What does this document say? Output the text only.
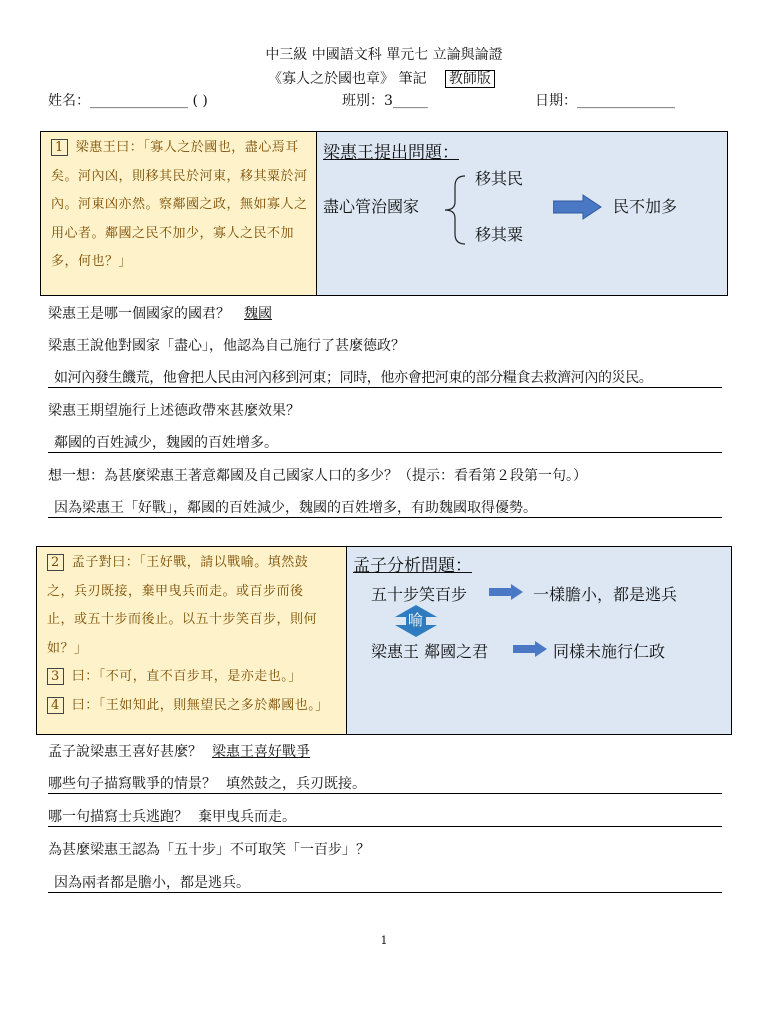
中三級 中國語文科 單元七 立論與論證
《寡人之於國也章》 筆記 教師版
姓名：______________ ( )	班別：3_____	日期：______________
1 梁惠王曰：「寡人之於國也，盡心焉耳矣。河內凶，則移其民於河東，移其粟於河內。河東凶亦然。察鄰國之政，無如寡人之用心者。鄰國之民不加少，寡人之民不加多，何也？」
梁惠王提出問題：
盡心管治國家
移其民
移其粟
民不加多
梁惠王是哪一個國家的國君？ 魏國
梁惠王說他對國家「盡心」，他認為自己施行了甚麼德政？
如河內發生饑荒，他會把人民由河內移到河東；同時，他亦會把河東的部分糧食去救濟河內的災民。
梁惠王期望施行上述德政帶來甚麼效果？
鄰國的百姓減少，魏國的百姓增多。
想一想：為甚麼梁惠王著意鄰國及自己國家人口的多少？（提示：看看第２段第一句。）
因為梁惠王「好戰」，鄰國的百姓減少，魏國的百姓增多，有助魏國取得優勢。
2 孟子對曰：「王好戰，請以戰喻。填然鼓
之，兵刃既接，棄甲曳兵而走。或百步而後
止，或五十步而後止。以五十步笑百步，則何
如？」
3 曰：「不可，直不百步耳，是亦走也。」
4 曰：「王如知此，則無望民之多於鄰國也。」
孟子分析問題：
五十步笑百步	一樣膽小，都是逃兵
喻
梁惠王 鄰國之君	同樣未施行仁政
孟子說梁惠王喜好甚麼？ 梁惠王喜好戰爭
哪些句子描寫戰爭的情景？ 填然鼓之，兵刃既接。
哪一句描寫士兵逃跑？ 棄甲曳兵而走。
為甚麼梁惠王認為「五十步」不可取笑「一百步」？
因為兩者都是膽小，都是逃兵。
1
